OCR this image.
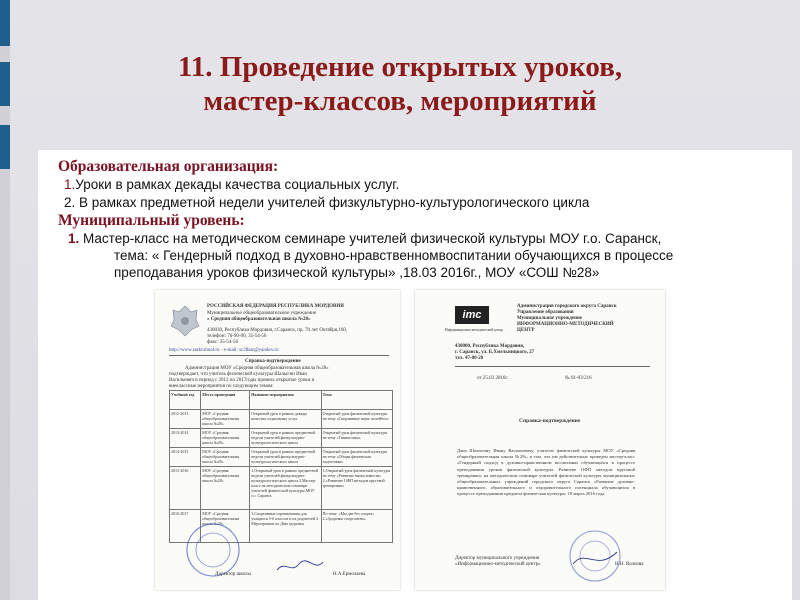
11. Проведение открытых уроков,
мастер-классов, мероприятий
Образовательная организация:
1.Уроки в рамках декады качества социальных услуг.
2. В рамках предметной недели учителей физкультурно-культурологического цикла
Муниципальный уровень:
1. Мастер-класс на методическом семинаре учителей физической культуры МОУ г.о. Саранск,
тема: « Гендерный подход в духовно-нравственномвоспитании обучающихся в процессе
преподавания уроков физической культуры» ,18.03 2016г., МОУ «СОШ №28»
РОССИЙСКАЯ ФЕДЕРАЦИЯ РЕСПУБЛИКА МОРДОВИЯ
Муниципальное общеобразовательное учреждение
« Средняя общеобразовательная школа №28»
430030, Республика Мордовия, г.Саранск, пр. 70 лет Октября,160,
телефон: 76-90-00, 35-54-56
факс: 35-54-56
http://www.sarkcshool.ru · e-mail: sc28sar@yandex.ru
Справка-подтверждение
Администрация МОУ «Средняя общеобразовательная школа №28»
подтверждает, что учитель физической культуры Шалыгин Иван
Васильевич в период с 2012 по 2017годы провела открытые уроки и
внеклассные мероприятия по следующим темам:
Учебный год	Место проведения	Название мероприятия	Тема
2012-2013	МОУ «Средняя общеобразовательная школа №28»	Открытый урок в рамках декады качества социальных услуг	Открытый урок физической культуры на тему «Спортивные игры: волейбол»
2013-2014	МОУ «Средняя общеобразовательная школа №28»	Открытый урок в рамках предметной недели учителей физкультурно-культурологического цикла	Открытый урок физической культуры на тему «Гимнастика»
2014-2015	МОУ «Средняя общеобразовательная школа №28»	Открытый урок в рамках предметной недели учителей физкультурно-культурологического цикла	Открытый урок физической культуры на тему «Общая физическая подготовка»
2015-2016	МОУ «Средняя общеобразовательная школа №28»	1.Открытый урок в рамках предметной недели учителей физкультурно-культурологического цикла 2.Мастер-класс на методическом семинаре учителей физической культуры МОУ г.о. Саранск	1.Открытый урок физической культуры на тему «Развитие выносливости» 2.«Развитие ОФП методом круговой тренировки»
2016-2017	МОУ «Средняя общеобразовательная школа №28»	1.Спортивные соревнования для учащихся 5-6 классов и их родителей 2. Мероприятие ко Дню здоровья	По теме: «Мы две без спорта» 2.«Здоровье спортсмена»
Директор школы	Н.А.Ермолаева
imc
Информационно-методический центр
Администрация городского округа Саранск
Управление образования
Муниципальное учреждение
ИНФОРМАЦИОННО-МЕТОДИЧЕСКИЙ
ЦЕНТР
430000, Республика Мордовия,
г. Саранск, ул. Б.Хмельницкого, 27
тел. 47-00-20
от 25.03 2016г.	№ 01-03/216
Справка-подтверждение
Дана Шалыгину Ивану Васильевичу, учителю физической культуры МОУ «Средняя общеобразовательная школа №28», в том, что им действительно проведен мастер-класс «Гендерный подход в духовно-нравственном воспитании обучающихся в процессе преподавания уроков физической культуры. Развитие ОФП методом круговой тренировки» на методическом семинаре учителей физической культуры муниципальных общеобразовательных учреждений городского округа Саранск «Развитие духовно-нравственного, образовательного и оздоровительного потенциала обучающихся в процессе преподавания предмета физическая культура» 18 марта 2016 года.
Директор муниципального учреждения
«Информационно-методический центр»	Н.Н. Волкова
